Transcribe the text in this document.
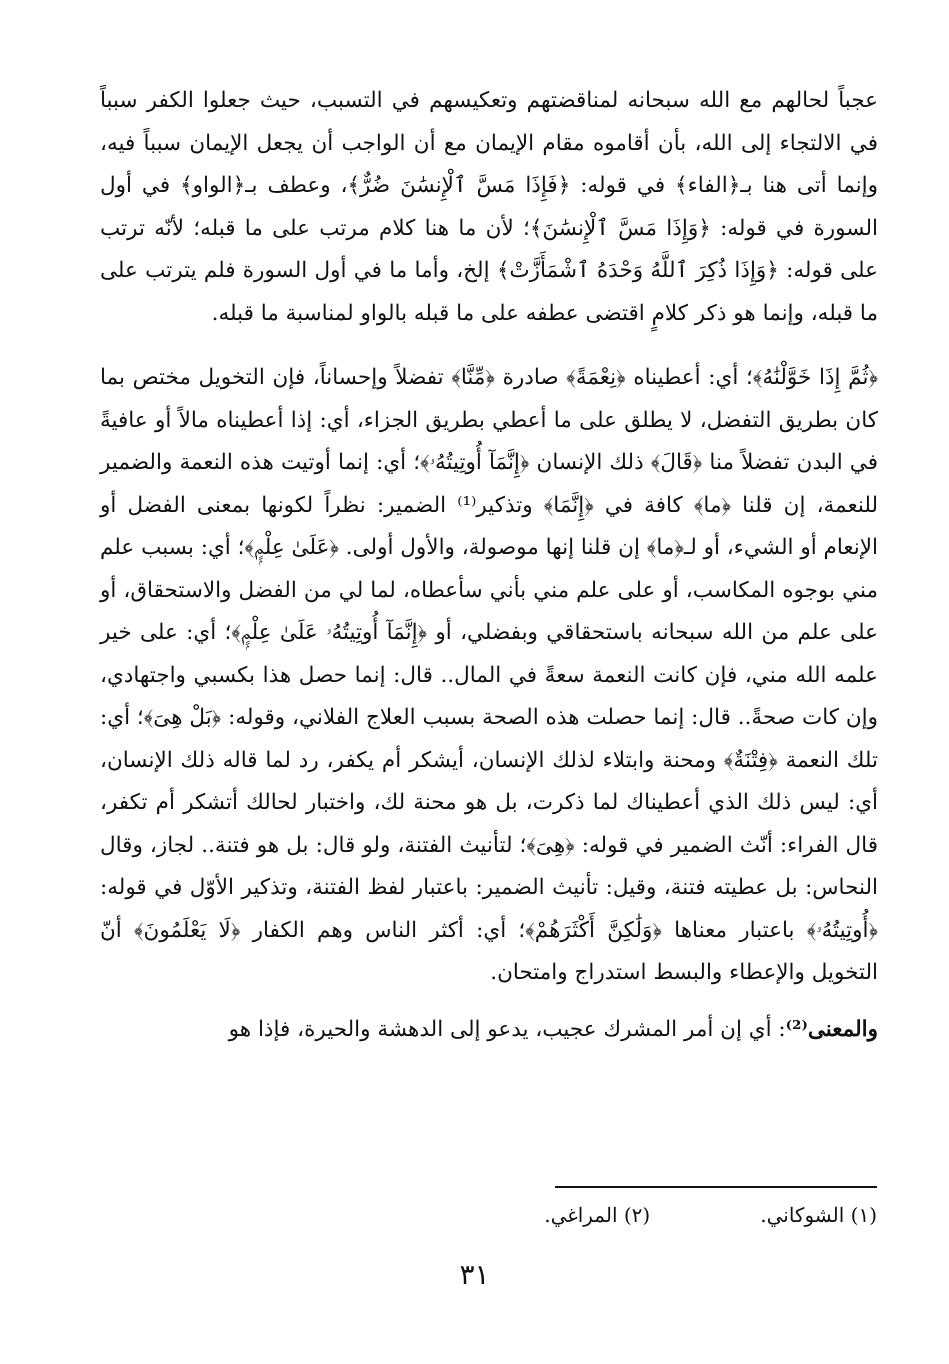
عجباً لحالهم مع الله سبحانه لمناقضتهم وتعكيسهم في التسبب، حيث جعلوا الكفر سبباً في الالتجاء إلى الله، بأن أقاموه مقام الإيمان مع أن الواجب أن يجعل الإيمان سبباً فيه، وإنما أتى هنا بـ﴿الفاء﴾ في قوله: ﴿فَإِذَا مَسَّ ٱلْإِنسَٰنَ ضُرٌّ﴾، وعطف بـ﴿الواو﴾ في أول السورة في قوله: ﴿وَإِذَا مَسَّ ٱلْإِنسَٰنَ﴾؛ لأن ما هنا كلام مرتب على ما قبله؛ لأنّه ترتب على قوله: ﴿وَإِذَا ذُكِرَ ٱللَّهُ وَحْدَهُ ٱشْمَأَزَّتْ﴾ إلخ، وأما ما في أول السورة فلم يترتب على ما قبله، وإنما هو ذكر كلامٍ اقتضى عطفه على ما قبله بالواو لمناسبة ما قبله.

﴿ثُمَّ إِذَا خَوَّلْنَٰهُ﴾؛ أي: أعطيناه ﴿نِعْمَةً﴾ صادرة ﴿مِّنَّا﴾ تفضلاً وإحساناً، فإن التخويل مختص بما كان بطريق التفضل، لا يطلق على ما أعطي بطريق الجزاء، أي: إذا أعطيناه مالاً أو عافيةً في البدن تفضلاً منا ﴿قَالَ﴾ ذلك الإنسان ﴿إِنَّمَآ أُوتِيتُهُۥ﴾؛ أي: إنما أوتيت هذه النعمة والضمير للنعمة، إن قلنا ﴿ما﴾ كافة في ﴿إِنَّمَا﴾ وتذكير⁽¹⁾ الضمير: نظراً لكونها بمعنى الفضل أو الإنعام أو الشيء، أو لـ﴿ما﴾ إن قلنا إنها موصولة، والأول أولى. ﴿عَلَىٰ عِلْمٍۭ﴾؛ أي: بسبب علم مني بوجوه المكاسب، أو على علم مني بأني سأعطاه، لما لي من الفضل والاستحقاق، أو على علم من الله سبحانه باستحقاقي وبفضلي، أو ﴿إِنَّمَآ أُوتِيتُهُۥ عَلَىٰ عِلْمٍۭ﴾؛ أي: على خير علمه الله مني، فإن كانت النعمة سعةً في المال.. قال: إنما حصل هذا بكسبي واجتهادي، وإن كات صحةً.. قال: إنما حصلت هذه الصحة بسبب العلاج الفلاني، وقوله: ﴿بَلْ هِىَ﴾؛ أي: تلك النعمة ﴿فِتْنَةٌ﴾ ومحنة وابتلاء لذلك الإنسان، أيشكر أم يكفر، رد لما قاله ذلك الإنسان، أي: ليس ذلك الذي أعطيناك لما ذكرت، بل هو محنة لك، واختبار لحالك أتشكر أم تكفر، قال الفراء: أنّث الضمير في قوله: ﴿هِىَ﴾؛ لتأنيث الفتنة، ولو قال: بل هو فتنة.. لجاز، وقال النحاس: بل عطيته فتنة، وقيل: تأنيث الضمير: باعتبار لفظ الفتنة، وتذكير الأوّل في قوله: ﴿أُوتِيتُهُۥ﴾ باعتبار معناها ﴿وَلَٰكِنَّ أَكْثَرَهُمْ﴾؛ أي: أكثر الناس وهم الكفار ﴿لَا يَعْلَمُونَ﴾ أنّ التخويل والإعطاء والبسط استدراج وامتحان.

والمعنى⁽²⁾: أي إن أمر المشرك عجيب، يدعو إلى الدهشة والحيرة، فإذا هو

(١) الشوكاني.
(٢) المراغي.
٣١
